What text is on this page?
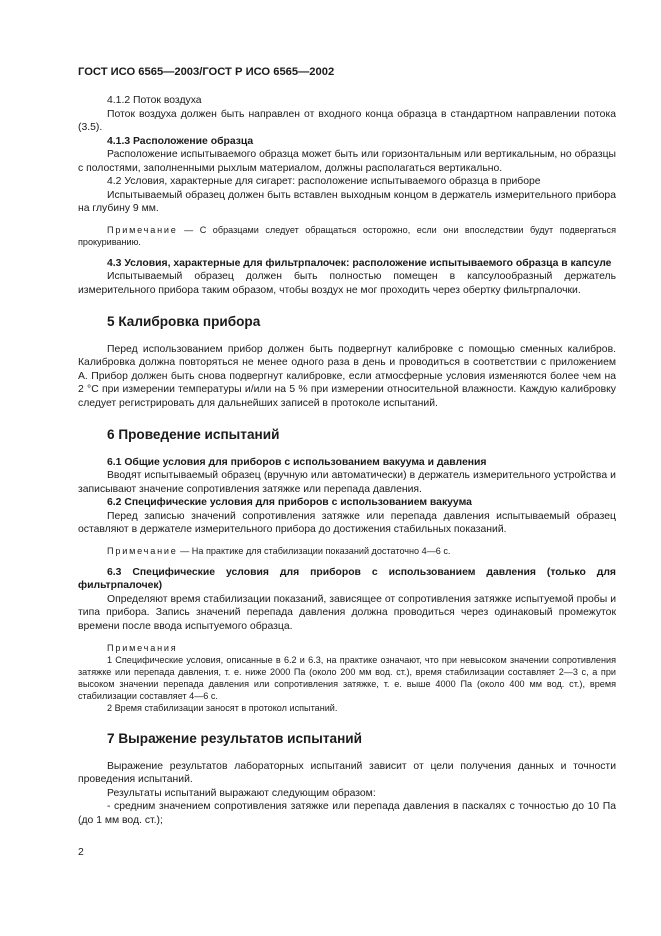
ГОСТ ИСО 6565—2003/ГОСТ Р ИСО 6565—2002

4.1.2 Поток воздуха

Поток воздуха должен быть направлен от входного конца образца в стандартном направлении потока (3.5).

4.1.3 Расположение образца

Расположение испытываемого образца может быть или горизонтальным или вертикальным, но образцы с полостями, заполненными рыхлым материалом, должны располагаться вертикально.

4.2 Условия, характерные для сигарет: расположение испытываемого образца в приборе

Испытываемый образец должен быть вставлен выходным концом в держатель измерительного прибора на глубину 9 мм.

Примечание — С образцами следует обращаться осторожно, если они впоследствии будут подвергаться прокуриванию.

4.3 Условия, характерные для фильтрпалочек: расположение испытываемого образца в капсуле

Испытываемый образец должен быть полностью помещен в капсулообразный держатель измерительного прибора таким образом, чтобы воздух не мог проходить через обертку фильтрпалочки.

5 Калибровка прибора

Перед использованием прибор должен быть подвергнут калибровке с помощью сменных калибров. Калибровка должна повторяться не менее одного раза в день и проводиться в соответствии с приложением А. Прибор должен быть снова подвергнут калибровке, если атмосферные условия изменяются более чем на 2 °С при измерении температуры и/или на 5 % при измерении относительной влажности. Каждую калибровку следует регистрировать для дальнейших записей в протоколе испытаний.

6 Проведение испытаний

6.1 Общие условия для приборов с использованием вакуума и давления

Вводят испытываемый образец (вручную или автоматически) в держатель измерительного устройства и записывают значение сопротивления затяжке или перепада давления.

6.2 Специфические условия для приборов с использованием вакуума

Перед записью значений сопротивления затяжке или перепада давления испытываемый образец оставляют в держателе измерительного прибора до достижения стабильных показаний.

Примечание — На практике для стабилизации показаний достаточно 4—6 с.

6.3 Специфические условия для приборов с использованием давления (только для фильтрпалочек)

Определяют время стабилизации показаний, зависящее от сопротивления затяжке испытуемой пробы и типа прибора. Запись значений перепада давления должна проводиться через одинаковый промежуток времени после ввода испытуемого образца.

Примечания

1 Специфические условия, описанные в 6.2 и 6.3, на практике означают, что при невысоком значении сопротивления затяжке или перепада давления, т. е. ниже 2000 Па (около 200 мм вод. ст.), время стабилизации составляет 2—3 с, а при высоком значении перепада давления или сопротивления затяжке, т. е. выше 4000 Па (около 400 мм вод. ст.), время стабилизации составляет 4—6 с.

2 Время стабилизации заносят в протокол испытаний.

7 Выражение результатов испытаний

Выражение результатов лабораторных испытаний зависит от цели получения данных и точности проведения испытаний.

Результаты испытаний выражают следующим образом:

- средним значением сопротивления затяжке или перепада давления в паскалях с точностью до 10 Па (до 1 мм вод. ст.);

2
